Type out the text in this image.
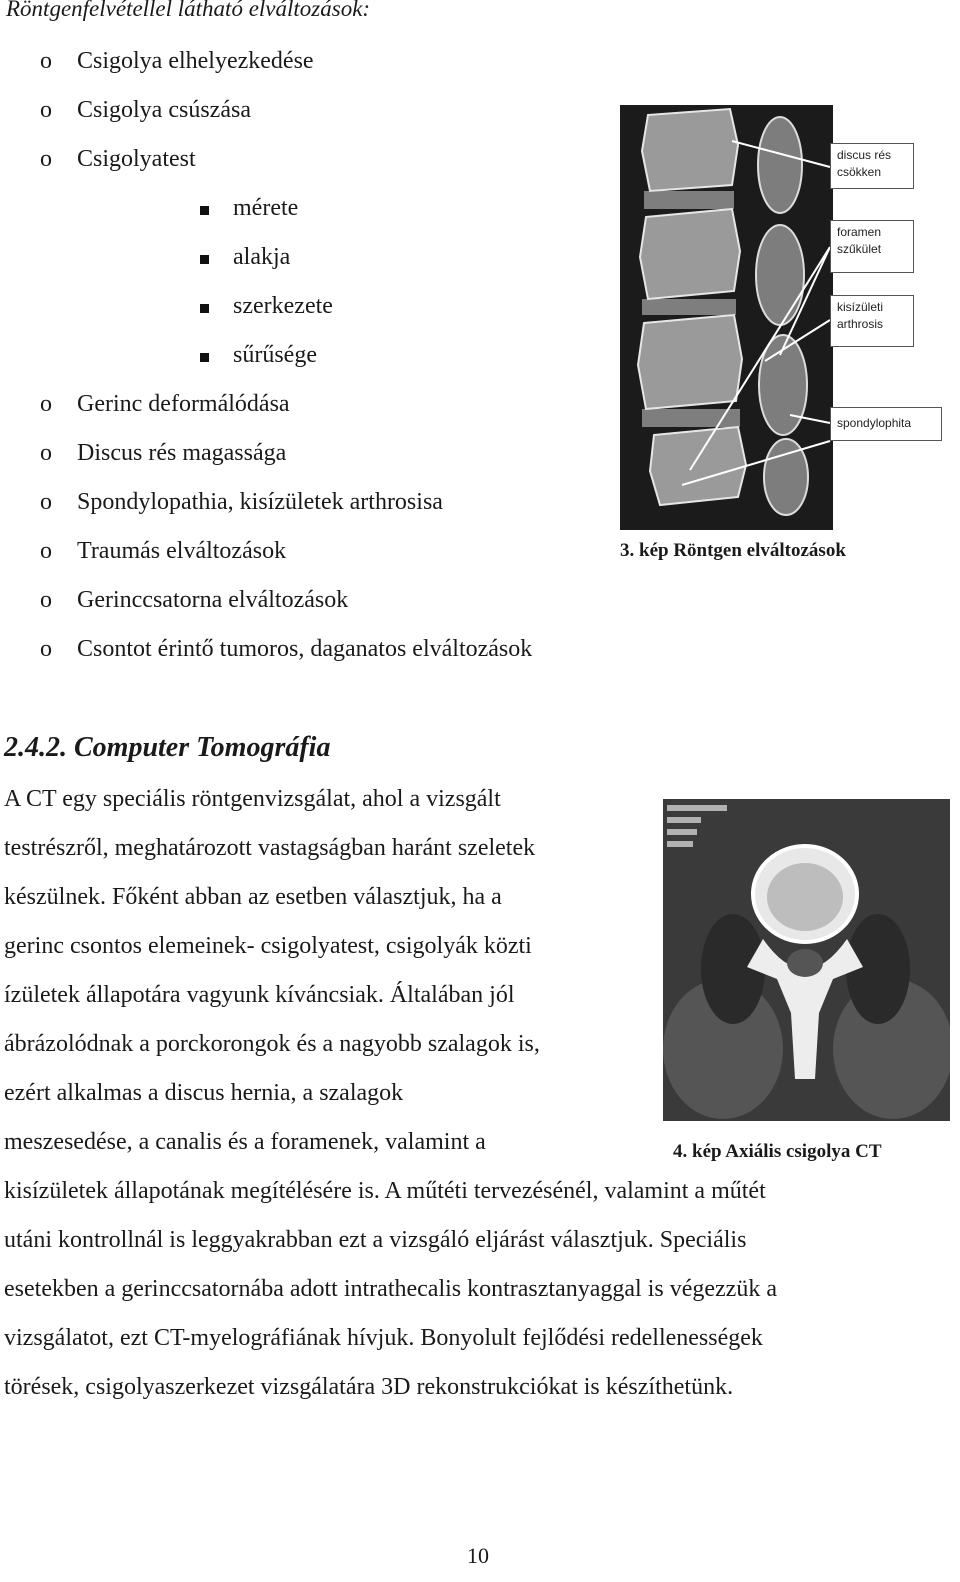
Röntgenfelvétellel látható elváltozások:
o Csigolya elhelyezkedése
o Csigolya csúszása
o Csigolyatest
mérete
alakja
szerkezete
sűrűsége
o Gerinc deformálódása
o Discus rés magassága
o Spondylopathia, kisízületek arthrosisa
o Traumás elváltozások
o Gerinccsatorna elváltozások
o Csontot érintő tumoros, daganatos elváltozások
discus rés
csökken
foramen
szűkület
kisízületi
arthrosis
spondylophita
3. kép Röntgen elváltozások
2.4.2. Computer Tomográfia
4. kép Axiális csigolya CT
A CT egy speciális röntgenvizsgálat, ahol a vizsgált
testrészről, meghatározott vastagságban haránt szeletek
készülnek. Főként abban az esetben választjuk, ha a
gerinc csontos elemeinek- csigolyatest, csigolyák közti
ízületek állapotára vagyunk kíváncsiak. Általában jól
ábrázolódnak a porckorongok és a nagyobb szalagok is,
ezért alkalmas a discus hernia, a szalagok
meszesedése, a canalis és a foramenek, valamint a
kisízületek állapotának megítélésére is. A műtéti tervezésénél, valamint a műtét
utáni kontrollnál is leggyakrabban ezt a vizsgáló eljárást választjuk. Speciális
esetekben a gerinccsatornába adott intrathecalis kontrasztanyaggal is végezzük a
vizsgálatot, ezt CT-myelográfiának hívjuk. Bonyolult fejlődési redellenességek
törések, csigolyaszerkezet vizsgálatára 3D rekonstrukciókat is készíthetünk.
10
